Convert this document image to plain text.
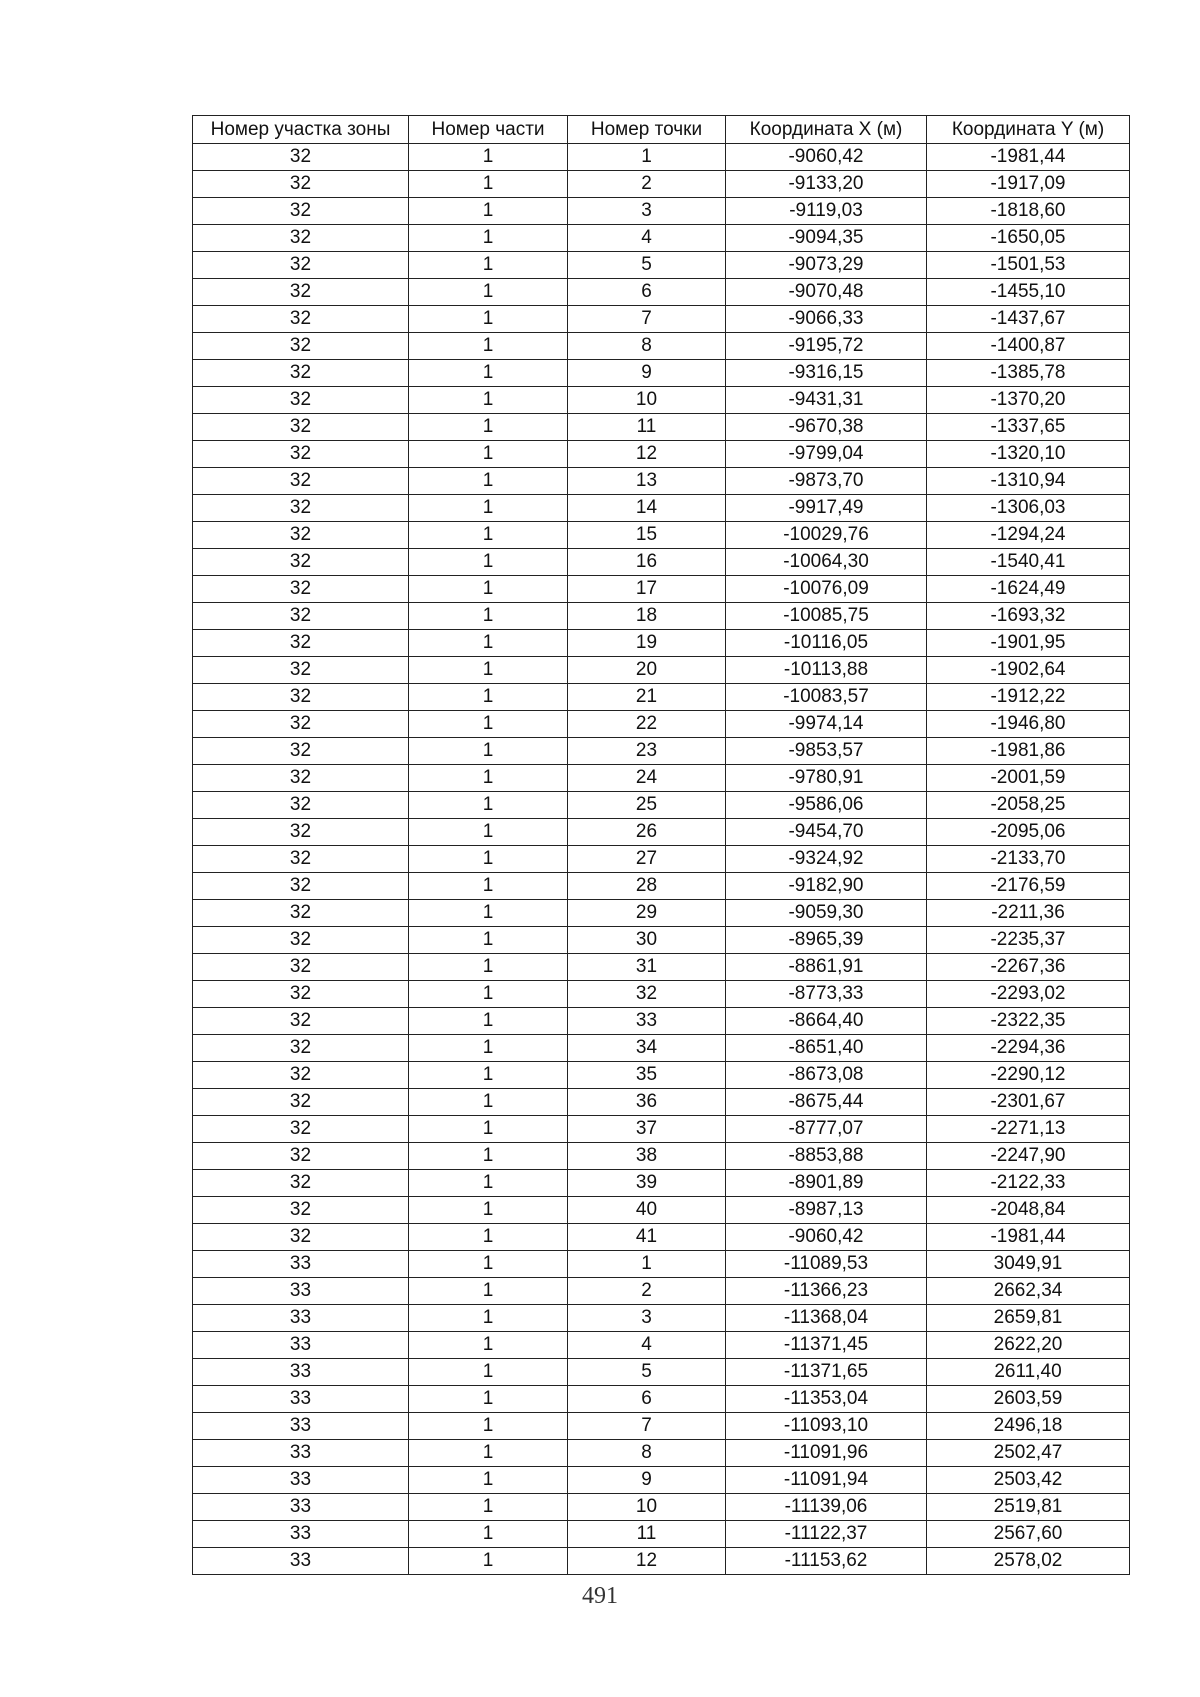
Номер участка зоны	Номер части	Номер точки	Координата X (м)	Координата Y (м)
32	1	1	-9060,42	-1981,44
32	1	2	-9133,20	-1917,09
32	1	3	-9119,03	-1818,60
32	1	4	-9094,35	-1650,05
32	1	5	-9073,29	-1501,53
32	1	6	-9070,48	-1455,10
32	1	7	-9066,33	-1437,67
32	1	8	-9195,72	-1400,87
32	1	9	-9316,15	-1385,78
32	1	10	-9431,31	-1370,20
32	1	11	-9670,38	-1337,65
32	1	12	-9799,04	-1320,10
32	1	13	-9873,70	-1310,94
32	1	14	-9917,49	-1306,03
32	1	15	-10029,76	-1294,24
32	1	16	-10064,30	-1540,41
32	1	17	-10076,09	-1624,49
32	1	18	-10085,75	-1693,32
32	1	19	-10116,05	-1901,95
32	1	20	-10113,88	-1902,64
32	1	21	-10083,57	-1912,22
32	1	22	-9974,14	-1946,80
32	1	23	-9853,57	-1981,86
32	1	24	-9780,91	-2001,59
32	1	25	-9586,06	-2058,25
32	1	26	-9454,70	-2095,06
32	1	27	-9324,92	-2133,70
32	1	28	-9182,90	-2176,59
32	1	29	-9059,30	-2211,36
32	1	30	-8965,39	-2235,37
32	1	31	-8861,91	-2267,36
32	1	32	-8773,33	-2293,02
32	1	33	-8664,40	-2322,35
32	1	34	-8651,40	-2294,36
32	1	35	-8673,08	-2290,12
32	1	36	-8675,44	-2301,67
32	1	37	-8777,07	-2271,13
32	1	38	-8853,88	-2247,90
32	1	39	-8901,89	-2122,33
32	1	40	-8987,13	-2048,84
32	1	41	-9060,42	-1981,44
33	1	1	-11089,53	3049,91
33	1	2	-11366,23	2662,34
33	1	3	-11368,04	2659,81
33	1	4	-11371,45	2622,20
33	1	5	-11371,65	2611,40
33	1	6	-11353,04	2603,59
33	1	7	-11093,10	2496,18
33	1	8	-11091,96	2502,47
33	1	9	-11091,94	2503,42
33	1	10	-11139,06	2519,81
33	1	11	-11122,37	2567,60
33	1	12	-11153,62	2578,02
491
